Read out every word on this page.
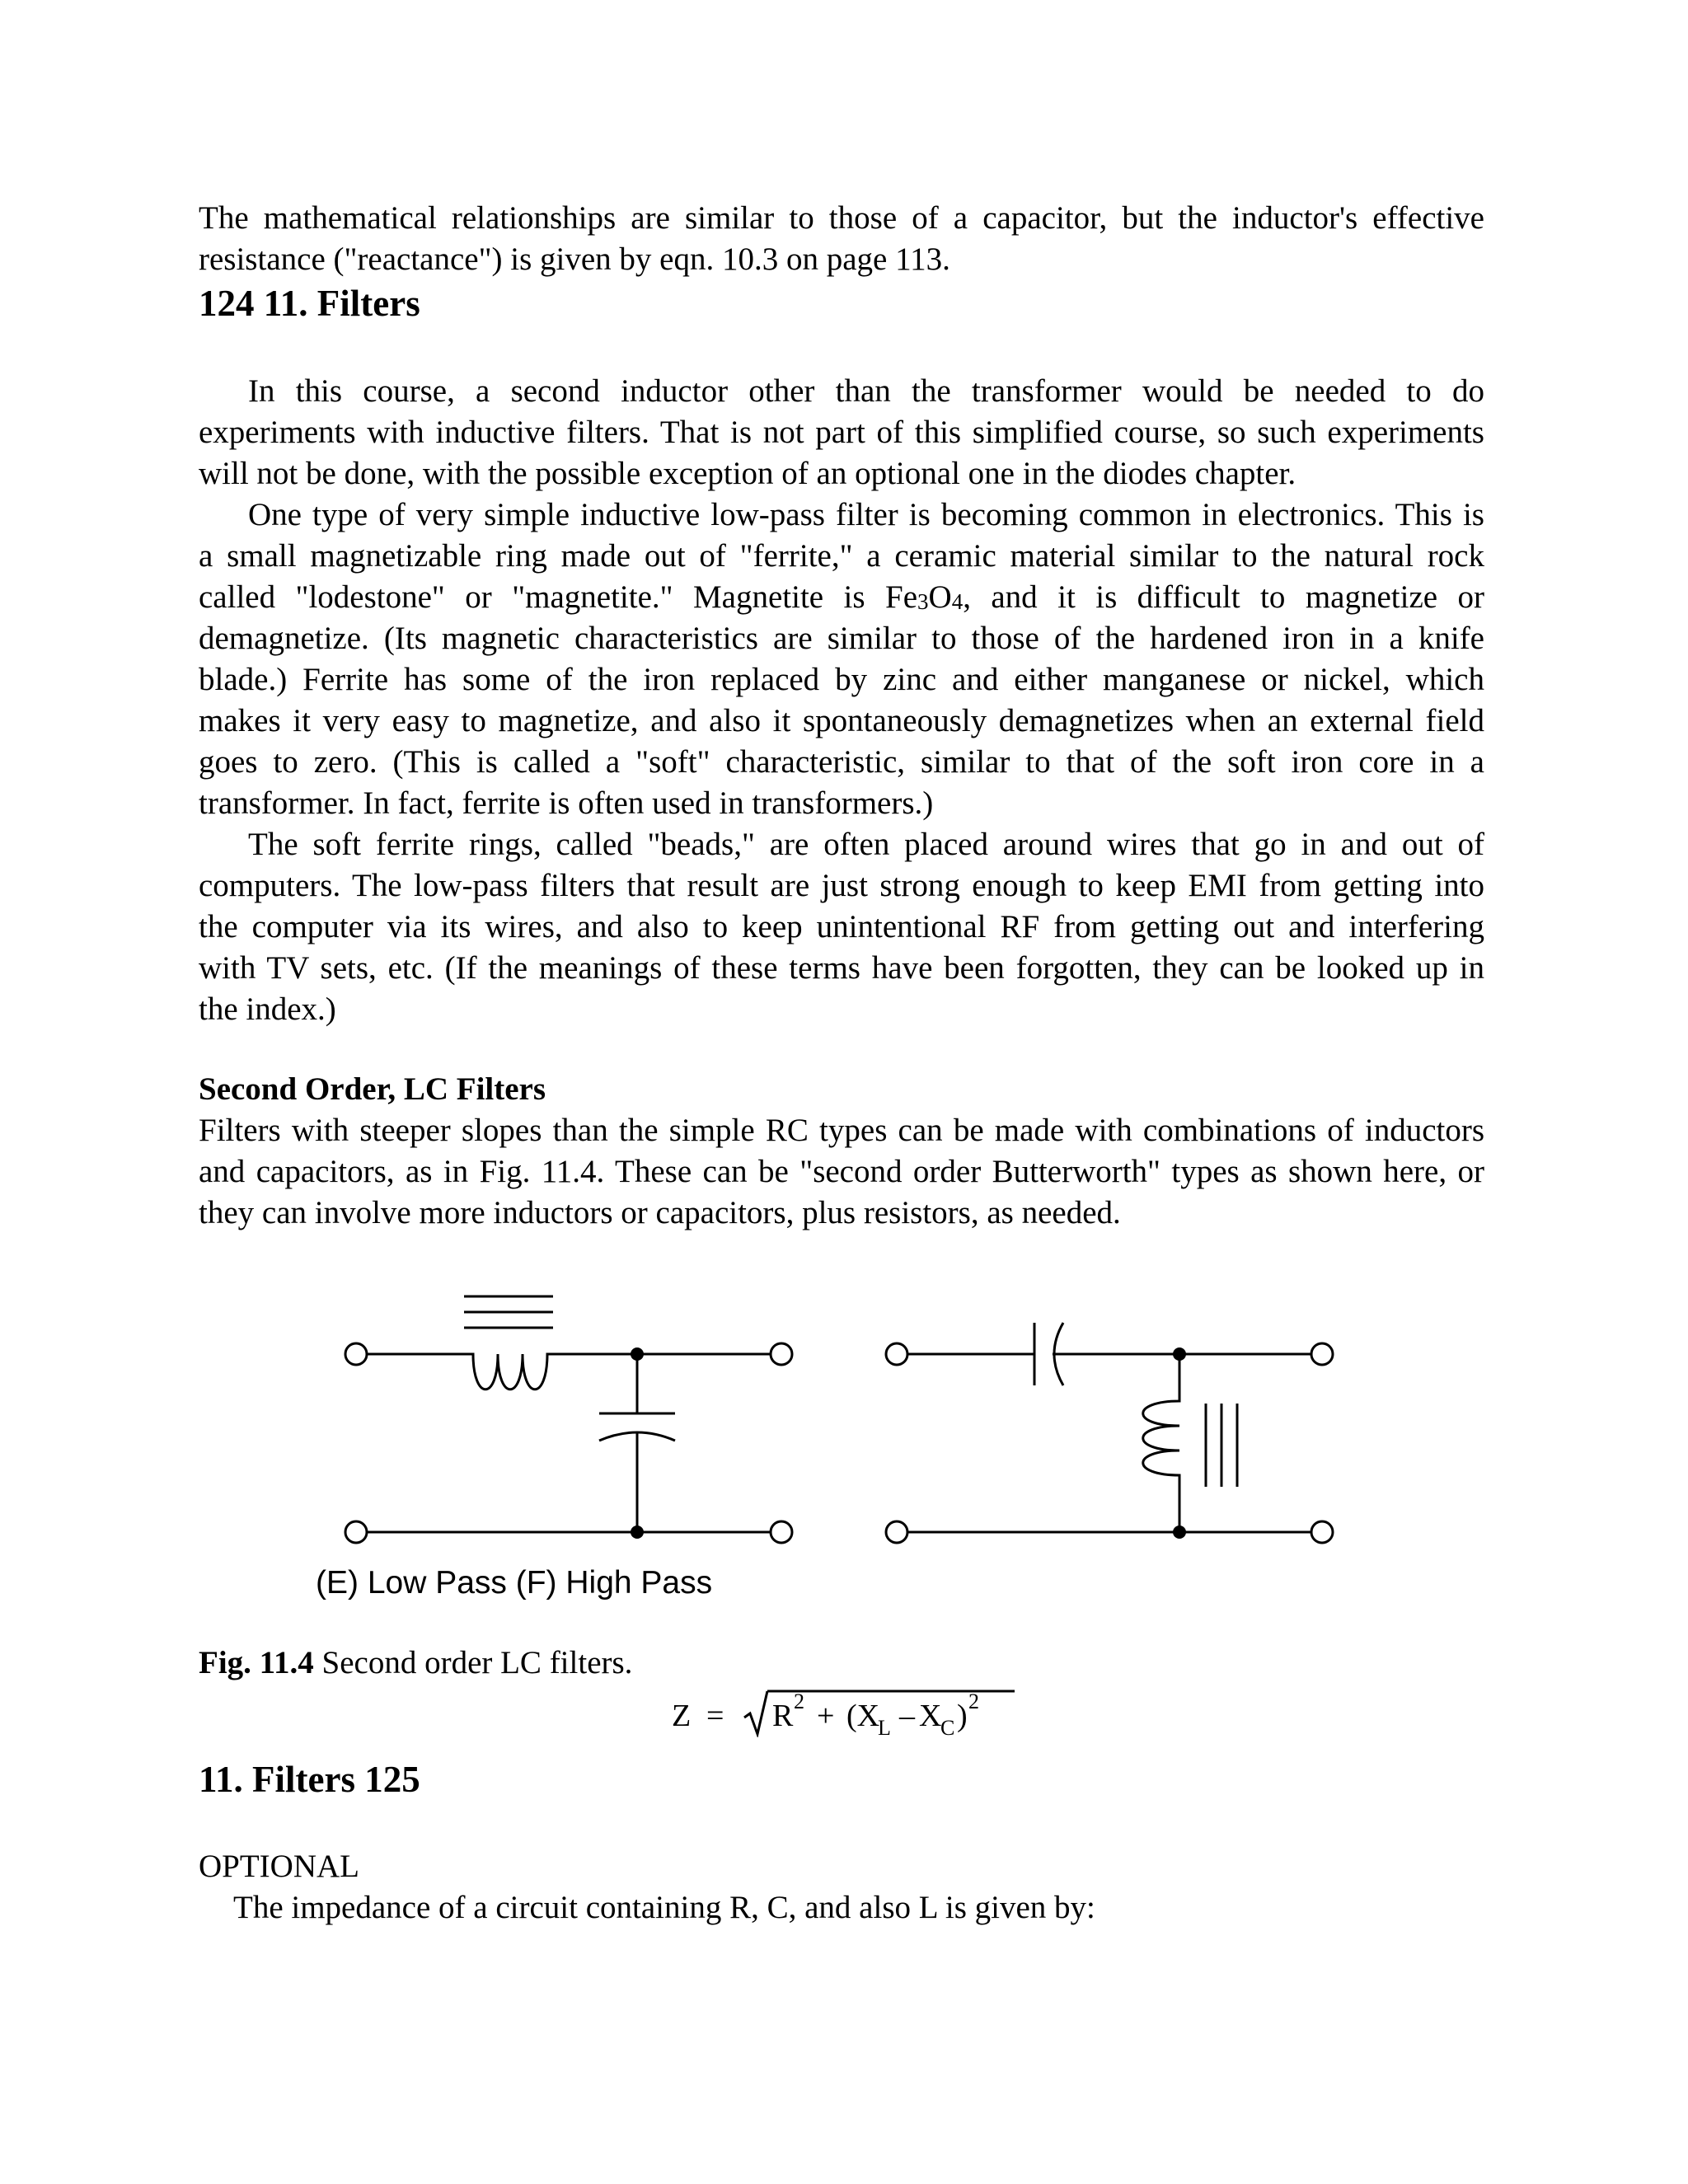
The mathematical relationships are similar to those of a capacitor, but the inductor's effective

resistance ("reactance") is given by eqn. 10.3 on page 113.

124 11. Filters

In this course, a second inductor other than the transformer would be needed to do

experiments with inductive filters. That is not part of this simplified course, so such experiments

will not be done, with the possible exception of an optional one in the diodes chapter.

One type of very simple inductive low-pass filter is becoming common in electronics. This is

a small magnetizable ring made out of "ferrite," a ceramic material similar to the natural rock

called "lodestone" or "magnetite." Magnetite is $Fe_3O_4$, and it is difficult to magnetize or

demagnetize. (Its magnetic characteristics are similar to those of the hardened iron in a knife

blade.) Ferrite has some of the iron replaced by zinc and either manganese or nickel, which

makes it very easy to magnetize, and also it spontaneously demagnetizes when an external field

goes to zero. (This is called a "soft" characteristic, similar to that of the soft iron core in a

transformer. In fact, ferrite is often used in transformers.)

The soft ferrite rings, called "beads," are often placed around wires that go in and out of

computers. The low-pass filters that result are just strong enough to keep EMI from getting into

the computer via its wires, and also to keep unintentional RF from getting out and interfering

with TV sets, etc. (If the meanings of these terms have been forgotten, they can be looked up in

the index.)

Second Order, LC Filters

Filters with steeper slopes than the simple RC types can be made with combinations of inductors

and capacitors, as in Fig. 11.4. These can be "second order Butterworth" types as shown here, or

they can involve more inductors or capacitors, plus resistors, as needed.

(E) Low Pass (F) High Pass

Fig. 11.4 Second order LC filters.

Z = R 2 + (X
L – X
C ) 2
11. Filters 125

OPTIONAL

The impedance of a circuit containing R, C, and also L is given by:
